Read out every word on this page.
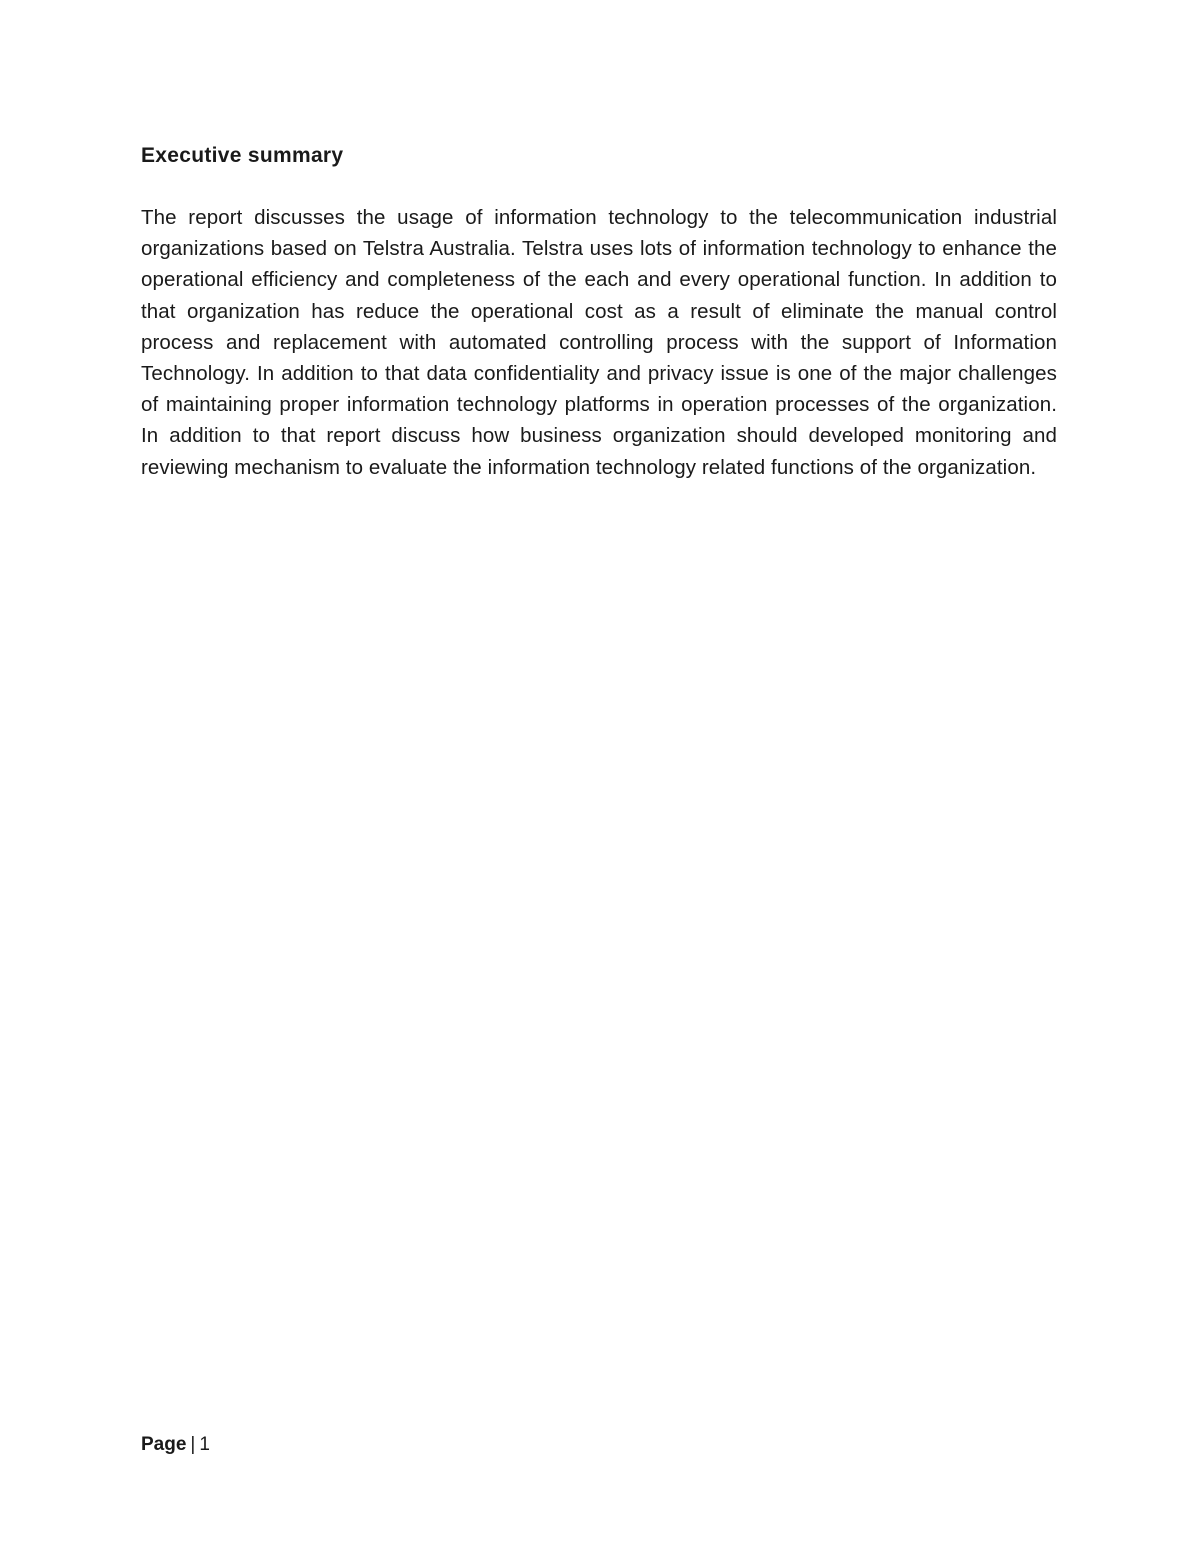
Executive summary

The report discusses the usage of information technology to the telecommunication industrial organizations based on Telstra Australia. Telstra uses lots of information technology to enhance the operational efficiency and completeness of the each and every operational function. In addition to that organization has reduce the operational cost as a result of eliminate the manual control process and replacement with automated controlling process with the support of Information Technology. In addition to that data confidentiality and privacy issue is one of the major challenges of maintaining proper information technology platforms in operation processes of the organization. In addition to that report discuss how business organization should developed monitoring and reviewing mechanism to evaluate the information technology related functions of the organization.

Page | 1
